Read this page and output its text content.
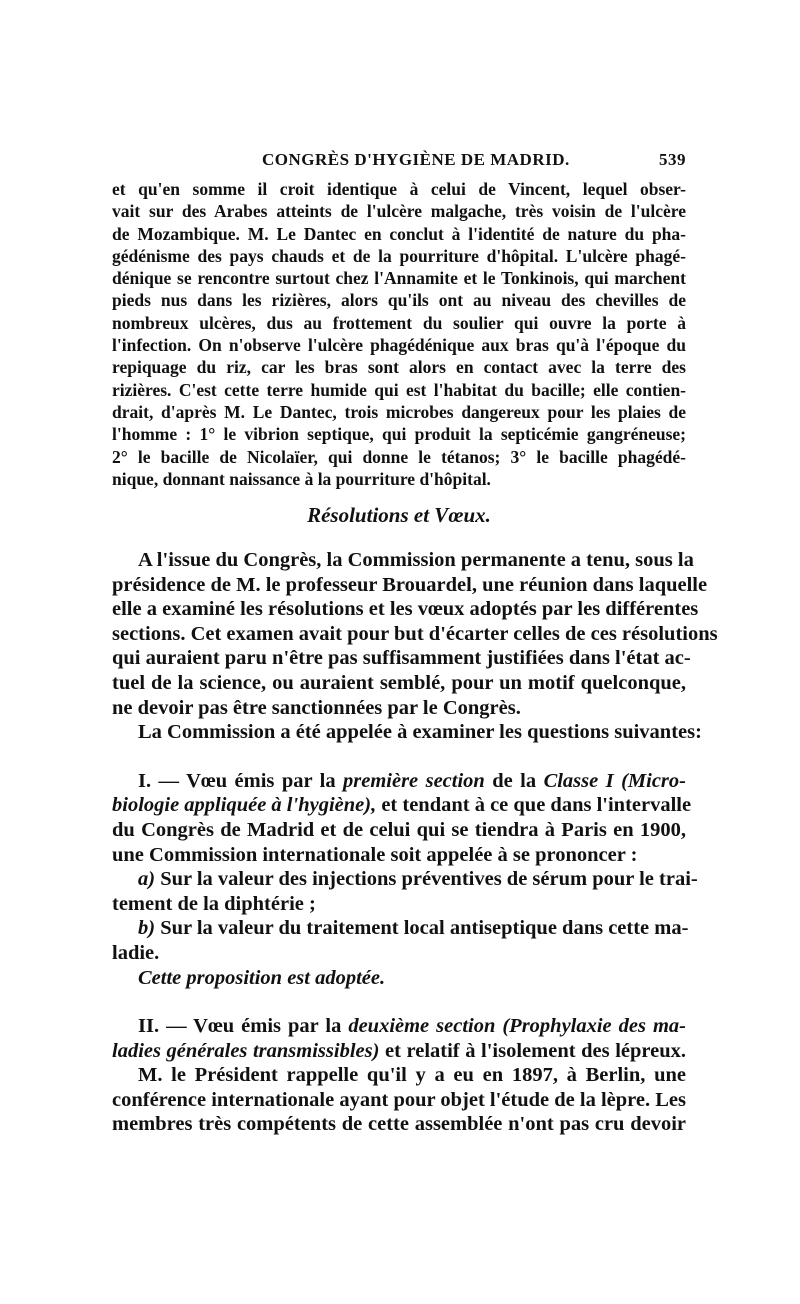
CONGRÈS D'HYGIÈNE DE MADRID.	539
et qu'en somme il croit identique à celui de Vincent, lequel obser-
vait sur des Arabes atteints de l'ulcère malgache, très voisin de l'ulcère
de Mozambique. M. Le Dantec en conclut à l'identité de nature du pha-
gédénisme des pays chauds et de la pourriture d'hôpital. L'ulcère phagé-
dénique se rencontre surtout chez l'Annamite et le Tonkinois, qui marchent
pieds nus dans les rizières, alors qu'ils ont au niveau des chevilles de
nombreux ulcères, dus au frottement du soulier qui ouvre la porte à
l'infection. On n'observe l'ulcère phagédénique aux bras qu'à l'époque du
repiquage du riz, car les bras sont alors en contact avec la terre des
rizières. C'est cette terre humide qui est l'habitat du bacille; elle contien-
drait, d'après M. Le Dantec, trois microbes dangereux pour les plaies de
l'homme : 1° le vibrion septique, qui produit la septicémie gangréneuse;
2° le bacille de Nicolaïer, qui donne le tétanos; 3° le bacille phagédé-
nique, donnant naissance à la pourriture d'hôpital.
Résolutions et Vœux.
A l'issue du Congrès, la Commission permanente a tenu, sous la
présidence de M. le professeur Brouardel, une réunion dans laquelle
elle a examiné les résolutions et les vœux adoptés par les différentes
sections. Cet examen avait pour but d'écarter celles de ces résolutions
qui auraient paru n'être pas suffisamment justifiées dans l'état ac-
tuel de la science, ou auraient semblé, pour un motif quelconque,
ne devoir pas être sanctionnées par le Congrès.
La Commission a été appelée à examiner les questions suivantes:
I. — Vœu émis par la première section de la Classe I (Micro-
biologie appliquée à l'hygiène), et tendant à ce que dans l'intervalle
du Congrès de Madrid et de celui qui se tiendra à Paris en 1900,
une Commission internationale soit appelée à se prononcer :
a) Sur la valeur des injections préventives de sérum pour le trai-
tement de la diphtérie ;
b) Sur la valeur du traitement local antiseptique dans cette ma-
ladie.
Cette proposition est adoptée.
II. — Vœu émis par la deuxième section (Prophylaxie des ma-
ladies générales transmissibles) et relatif à l'isolement des lépreux.
M. le Président rappelle qu'il y a eu en 1897, à Berlin, une
conférence internationale ayant pour objet l'étude de la lèpre. Les
membres très compétents de cette assemblée n'ont pas cru devoir
